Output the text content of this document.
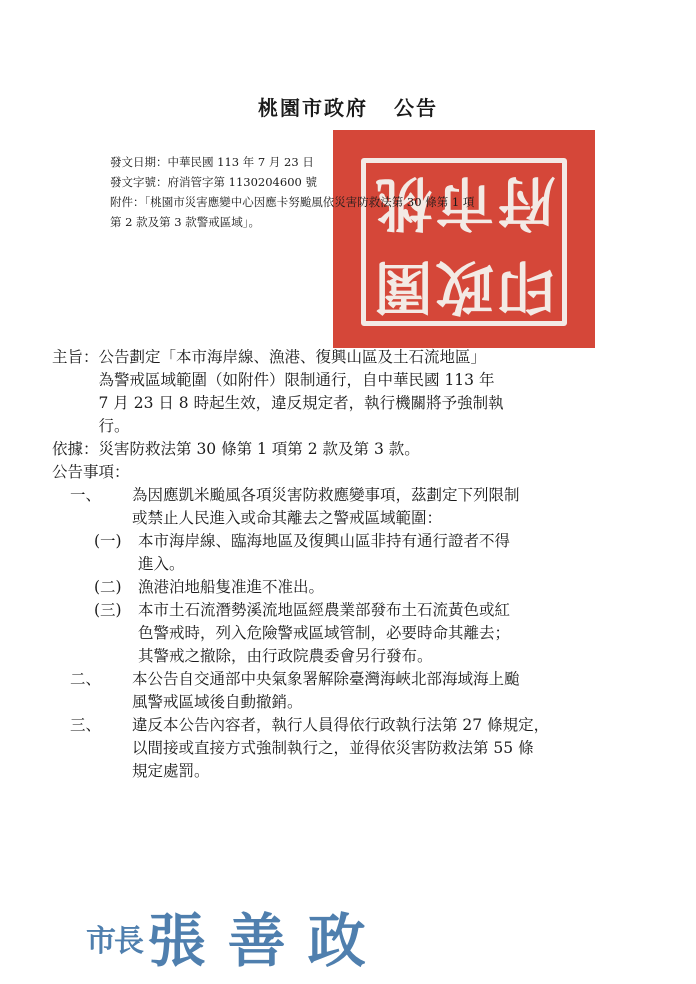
桃園市政府 公告
桃
園
市
政
府
印
發文日期：中華民國 113 年 7 月 23 日
發文字號：府消管字第 1130204600 號
附件：「桃園市災害應變中心因應卡努颱風依災害防救法第 30 條第 1 項
第 2 款及第 3 款警戒區域」。
主旨： 公告劃定「本市海岸線、漁港、復興山區及土石流地區」
為警戒區域範圍（如附件）限制通行，自中華民國 113 年
7 月 23 日 8 時起生效，違反規定者，執行機關將予強制執
行。
依據： 災害防救法第 30 條第 1 項第 2 款及第 3 款。
公告事項：
一、	為因應凱米颱風各項災害防救應變事項，茲劃定下列限制
或禁止人民進入或命其離去之警戒區域範圍：
(一)	本市海岸線、臨海地區及復興山區非持有通行證者不得
進入。
(二)	漁港泊地船隻准進不准出。
(三)	本市土石流潛勢溪流地區經農業部發布土石流黃色或紅
色警戒時，列入危險警戒區域管制，必要時命其離去；
其警戒之撤除，由行政院農委會另行發布。
二、	本公告自交通部中央氣象署解除臺灣海峽北部海域海上颱
風警戒區域後自動撤銷。
三、	違反本公告內容者，執行人員得依行政執行法第 27 條規定，
以間接或直接方式強制執行之，並得依災害防救法第 55 條
規定處罰。
市長 張善政
